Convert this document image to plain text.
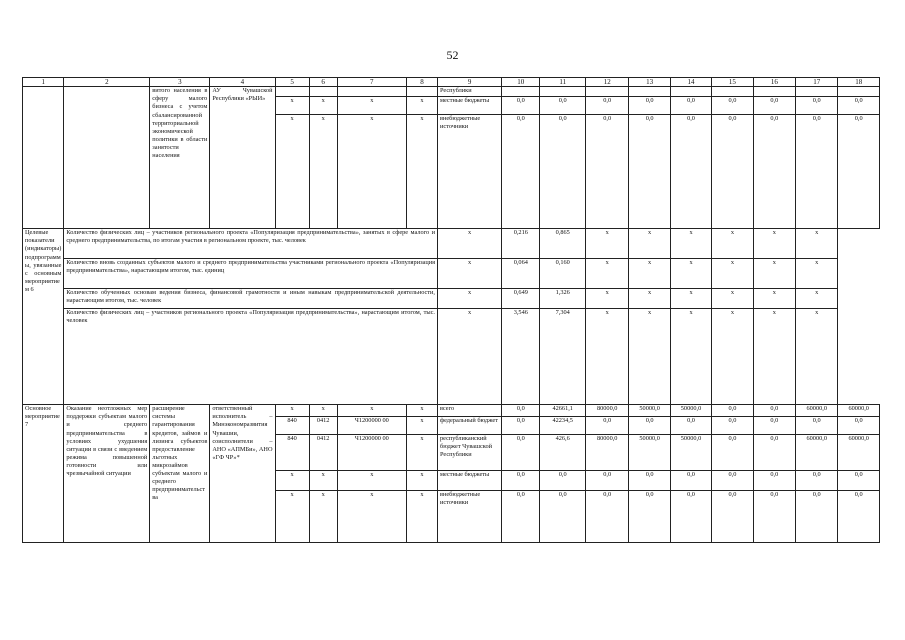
52
1	2	3	4	5	6	7	8	9	10	11	12	13	14	15	16	17	18
		витого населения в сферу малого бизнеса с учетом сбалансированной территориальной экономической политики в области занятости населения	АУ Чувашской Республики «РЫИ»					Республики									
				х	х	х	х	местные бюджеты	0,0	0,0	0,0	0,0	0,0	0,0	0,0	0,0	0,0
				х	х	х	х	внебюджетные источники	0,0	0,0	0,0	0,0	0,0	0,0	0,0	0,0	0,0
Целевые показатели (индикаторы) подпрограммы, увязанные с основным мероприятием 6	Количество физических лиц – участников регионального проекта «Популяризация предпринимательства», занятых в сфере малого и среднего предпринимательства, по итогам участия в региональном проекте, тыс. человек							х	0,216	0,865	х	х	х	х	х	х	
	Количество вновь созданных субъектов малого и среднего предпринимательства участниками регионального проекта «Популяризация предпринимательства», нарастающим итогом, тыс. единиц							х	0,064	0,160	х	х	х	х	х	х	
	Количество обученных основам ведения бизнеса, финансовой грамотности и иным навыкам предпринимательской деятельности, нарастающим итогом, тыс. человек							х	0,649	1,326	х	х	х	х	х	х	
	Количество физических лиц – участников регионального проекта «Популяризация предпринимательства», нарастающим итогом, тыс. человек							х	3,546	7,304	х	х	х	х	х	х	
Основное мероприятие 7	Оказание неотложных мер поддержки субъектам малого и среднего предпринимательства в условиях ухудшения ситуации в связи с введением режима повышенной готовности или чрезвычайной ситуации	расширение системы гарантирования кредитов, займов и лизинга субъектов предоставление льготных микрозаймов субъектам малого и среднего предпринимательства	ответственный исполнитель – Минэкономразвития Чувашии, соисполнители – АНО «АПМБи», АНО «ГФ ЧР»*	х	х	х	х	всего	0,0	42661,1	80000,0	50000,0	50000,0	0,0	0,0	60000,0	60000,0
				840	0412	Ч1200000 00	х	федеральный бюджет	0,0	42234,5	0,0	0,0	0,0	0,0	0,0	0,0	0,0
				840	0412	Ч1200000 00	х	республиканский бюджет Чувашской Республики	0,0	426,6	80000,0	50000,0	50000,0	0,0	0,0	60000,0	60000,0
				х	х	х	х	местные бюджеты	0,0	0,0	0,0	0,0	0,0	0,0	0,0	0,0	0,0
				х	х	х	х	внебюджетные источники	0,0	0,0	0,0	0,0	0,0	0,0	0,0	0,0	0,0
